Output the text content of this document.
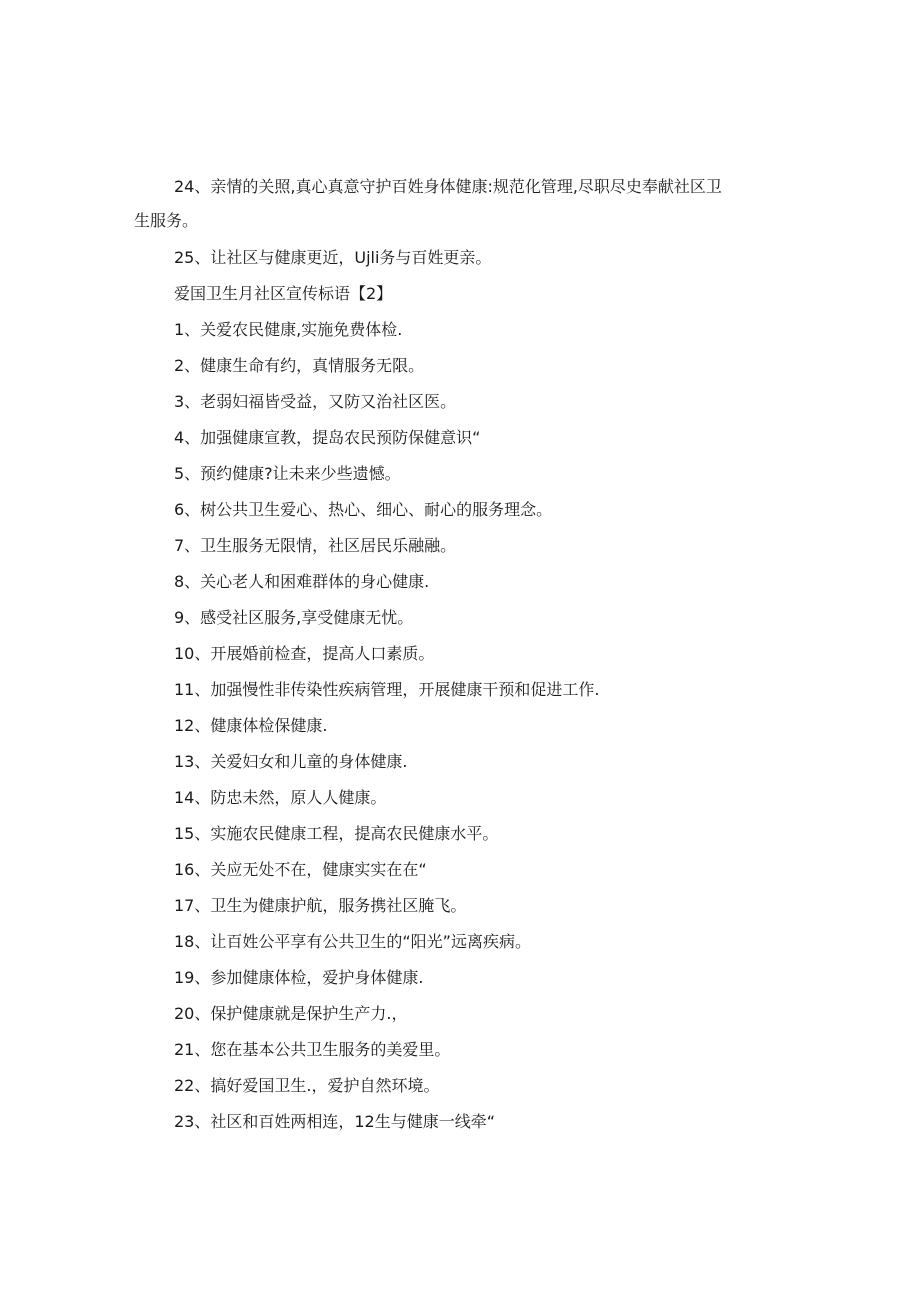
24、亲情的关照,真心真意守护百姓身体健康:规范化管理,尽职尽史奉献社区卫生服务。

25、让社区与健康更近，Ujli务与百姓更亲。

爱国卫生月社区宣传标语【2】

1、关爱农民健康,实施免费体检.

2、健康生命有约，真情服务无限。

3、老弱妇福皆受益，又防又治社区医。

4、加强健康宣教，提岛农民预防保健意识“

5、预约健康?让未来少些遗憾。

6、树公共卫生爱心、热心、细心、耐心的服务理念。

7、卫生服务无限情，社区居民乐融融。

8、关心老人和困难群体的身心健康.

9、感受社区服务,享受健康无忧。

10、开展婚前检查，提高人口素质。

11、加强慢性非传染性疾病管理，开展健康干预和促进工作.

12、健康体检保健康.

13、关爱妇女和儿童的身体健康.

14、防忠未然，原人人健康。

15、实施农民健康工程，提高农民健康水平。

16、关应无处不在，健康实实在在“

17、卫生为健康护航，服务携社区腌飞。

18、让百姓公平享有公共卫生的“阳光”远离疾病。

19、参加健康体检，爱护身体健康.

20、保护健康就是保护生产力.，

21、您在基本公共卫生服务的美爱里。

22、搞好爱国卫生.，爱护自然环境。

23、社区和百姓两相连，12生与健康一线牵“
